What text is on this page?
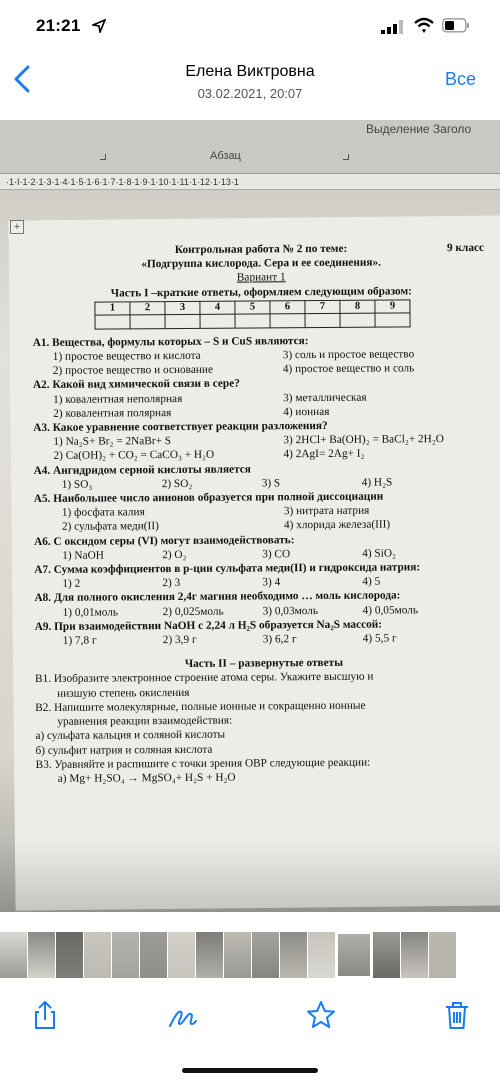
21:21
Елена Виктровна
03.02.2021, 20:07
Все
Выделение Заголо
Абзац
·1·I·1·2·1·3·1·4·1·5·1·6·1·7·1·8·1·9·1·10·1·11·1·12·1·13·1
+
Контрольная работа № 2 по теме:	9 класс
«Подгруппа кислорода. Сера и ее соединения».
Вариант 1
Часть I –краткие ответы, оформляем следующим образом:
1	2	3	4	5	6	7	8	9

А1. Вещества, формулы которых – S и CuS являются:
1) простое вещество и кислота	3) соль и простое вещество
2) простое вещество и основание	4) простое вещество и соль
А2. Какой вид химической связи в сере?
1) ковалентная неполярная	3) металлическая
2) ковалентная полярная	4) ионная
А3. Какое уравнение соответствует реакции разложения?
1) Na₂S+ Br₂ = 2NaBr+ S	3) 2HCl+ Ba(OH)₂ = BaCl₂+ 2H₂O
2) Ca(OH)₂ + CO₂ = CaCO₃ + H₂O	4) 2AgI= 2Ag+ I₂
А4. Ангидридом серной кислоты является
1) SO₃	2) SO₂	3) S	4) H₂S
А5. Наибольшее число анионов образуется при полной диссоциации
1) фосфата калия	3) нитрата натрия
2) сульфата меди(II)	4) хлорида железа(III)
А6. С оксидом серы (VI) могут взаимодействовать:
1) NaOH	2) O₂	3) CO	4) SiO₂
А7. Сумма коэффициентов в р-ции сульфата меди(II) и гидроксида натрия:
1) 2	2) 3	3) 4	4) 5
А8. Для полного окисления 2,4г магния необходимо … моль кислорода:
1) 0,01моль	2) 0,025моль	3) 0,03моль	4) 0,05моль
А9. При взаимодействии NaOH с 2,24 л H₂S образуется Na₂S массой:
1) 7,8 г	2) 3,9 г	3) 6,2 г	4) 5,5 г
Часть II – развернутые ответы
В1. Изобразите электронное строение атома серы. Укажите высшую и
низшую степень окисления
В2. Напишите молекулярные, полные ионные и сокращенно ионные
уравнения реакции взаимодействия:
а) сульфата кальция и соляной кислоты
б) сульфит натрия и соляная кислота
В3. Уравняйте и распишите с точки зрения ОВР следующие реакции:
а) Mg+ H₂SO₄ → MgSO₄+ H₂S + H₂O
